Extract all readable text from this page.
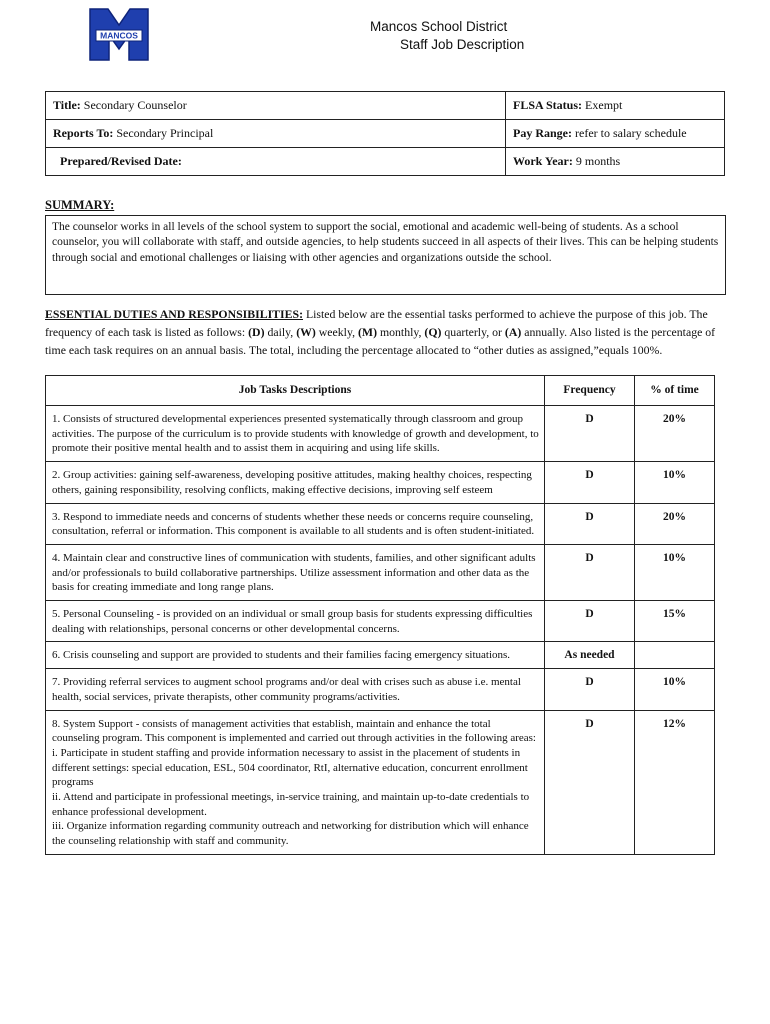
MANCOS
Mancos School District
Staff Job Description
Title: Secondary Counselor	FLSA Status: Exempt
Reports To: Secondary Principal	Pay Range: refer to salary schedule
Prepared/Revised Date:	Work Year: 9 months
SUMMARY:
The counselor works in all levels of the school system to support the social, emotional and academic well-being of students. As a school counselor, you will collaborate with staff, and outside agencies, to help students succeed in all aspects of their lives. This can be helping students through social and emotional challenges or liaising with other agencies and organizations outside the school.
ESSENTIAL DUTIES AND RESPONSIBILITIES: Listed below are the essential tasks performed to achieve the purpose of this job. The frequency of each task is listed as follows: (D) daily, (W) weekly, (M) monthly, (Q) quarterly, or (A) annually. Also listed is the percentage of time each task requires on an annual basis. The total, including the percentage allocated to “other duties as assigned,”equals 100%.
Job Tasks Descriptions	Frequency	% of time

1. Consists of structured developmental experiences presented systematically through classroom and group activities. The purpose of the curriculum is to provide students with knowledge of growth and development, to promote their positive mental health and to assist them in acquiring and using life skills.	D	20%

2. Group activities: gaining self-awareness, developing positive attitudes, making healthy choices, respecting others, gaining responsibility, resolving conflicts, making effective decisions, improving self esteem	D	10%

3. Respond to immediate needs and concerns of students whether these needs or concerns require counseling, consultation, referral or information. This component is available to all students and is often student-initiated.	D	20%

4. Maintain clear and constructive lines of communication with students, families, and other significant adults and/or professionals to build collaborative partnerships. Utilize assessment information and other data as the basis for creating immediate and long range plans.	D	10%

5. Personal Counseling - is provided on an individual or small group basis for students expressing difficulties dealing with relationships, personal concerns or other developmental concerns.	D	15%

6. Crisis counseling and support are provided to students and their families facing emergency situations.	As needed	

7. Providing referral services to augment school programs and/or deal with crises such as abuse i.e. mental health, social services, private therapists, other community programs/activities.	D	10%

8. System Support - consists of management activities that establish, maintain and enhance the total counseling program. This component is implemented and carried out through activities in the following areas:
i. Participate in student staffing and provide information necessary to assist in the placement of students in different settings: special education, ESL, 504 coordinator, RtI, alternative education, concurrent enrollment programs
ii. Attend and participate in professional meetings, in-service training, and maintain up-to-date credentials to enhance professional development.
iii. Organize information regarding community outreach and networking for distribution which will enhance the counseling relationship with staff and community.	D	12%
